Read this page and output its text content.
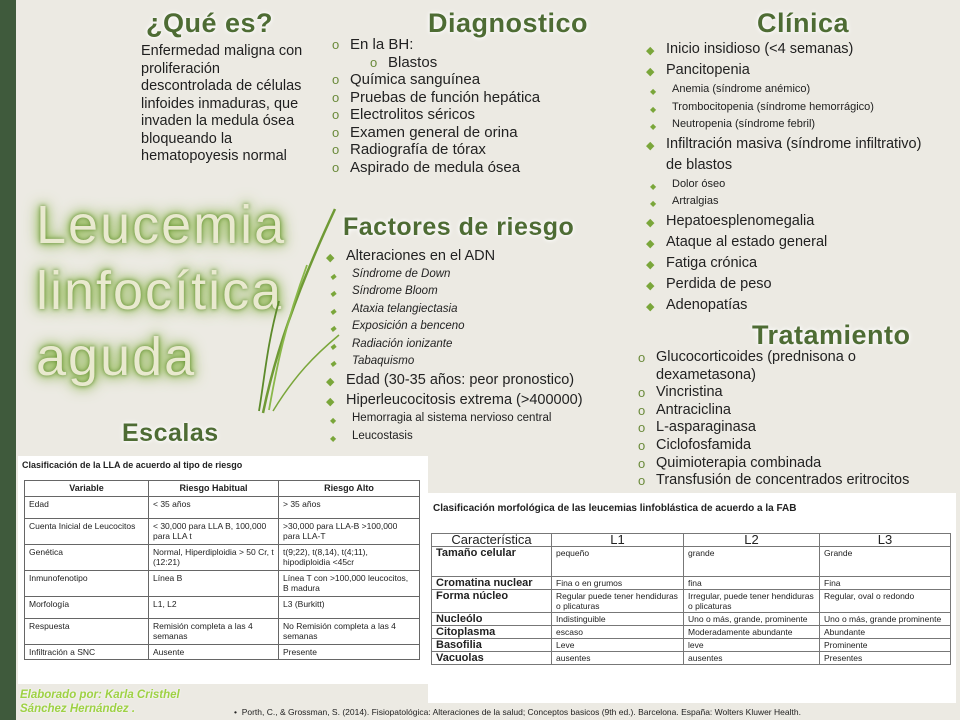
¿Qué es?	Diagnostico	Clínica
Factores de riesgo
Tratamiento
Escalas
Leucemia
linfocítica
aguda
Enfermedad maligna con proliferación descontrolada de células linfoides inmaduras, que invaden la medula ósea bloqueando la hematopoyesis normal
o En la BH:
o Blastos
o Química sanguínea
o Pruebas de función hepática
o Electrolitos séricos
o Examen general de orina
o Radiografía de tórax
o Aspirado de medula ósea
◆ Alteraciones en el ADN
◆ Síndrome de Down
◆ Síndrome Bloom
◆ Ataxia telangiectasia
◆ Exposición a benceno
◆ Radiación ionizante
◆ Tabaquismo
◆ Edad (30-35 años: peor pronostico)
◆ Hiperleucocitosis extrema (>400000)
◆ Hemorragia al sistema nervioso central
◆ Leucostasis
◆ Inicio insidioso (<4 semanas)
◆ Pancitopenia
◆ Anemia (síndrome anémico)
◆ Trombocitopenia (síndrome hemorrágico)
◆ Neutropenia (síndrome febril)
◆ Infiltración masiva (síndrome infiltrativo)
de blastos
◆ Dolor óseo
◆ Artralgias
◆ Hepatoesplenomegalia
◆ Ataque al estado general
◆ Fatiga crónica
◆ Perdida de peso
◆ Adenopatías
o Glucocorticoides (prednisona o
dexametasona)
o Vincristina
o Antraciclina
o L-asparaginasa
o Ciclofosfamida
o Quimioterapia combinada
o Transfusión de concentrados eritrocitos
Clasificación de la LLA de acuerdo al tipo de riesgo
Variable	Riesgo Habitual	Riesgo Alto
Edad	< 35 años	> 35 años
Cuenta Inicial de Leucocitos	< 30,000 para LLA B, 100,000 para LLA t	>30,000 para LLA-B >100,000 para LLA-T
Genética	Normal, Hiperdiploidia > 50 Cr, t (12:21)	t(9;22), t(8,14), t(4;11), hipodiploidia <45cr
Inmunofenotipo	Línea B	Línea T con >100,000 leucocitos, B madura
Morfología	L1, L2	L3 (Burkitt)
Respuesta	Remisión completa a las 4 semanas	No Remisión completa a las 4 semanas
Infiltración a SNC	Ausente	Presente
Clasificación morfológica de las leucemias linfoblástica de acuerdo a la FAB
Característica	L1	L2	L3
Tamaño celular	pequeño	grande	Grande
Cromatina nuclear	Fina o en grumos	fina	Fina
Forma núcleo	Regular puede tener hendiduras o plicaturas	Irregular, puede tener hendiduras o plicaturas	Regular, oval o redondo
Nucleólo	Indistinguible	Uno o más, grande, prominente	Uno o más, grande prominente
Citoplasma	escaso	Moderadamente abundante	Abundante
Basofilia	Leve	leve	Prominente
Vacuolas	ausentes	ausentes	Presentes
Elaborado por: Karla Cristhel
Sánchez Hernández .	•  Porth, C., & Grossman, S. (2014). Fisiopatológica: Alteraciones de la salud; Conceptos basicos (9th ed.). Barcelona. España: Wolters Kluwer Health.
